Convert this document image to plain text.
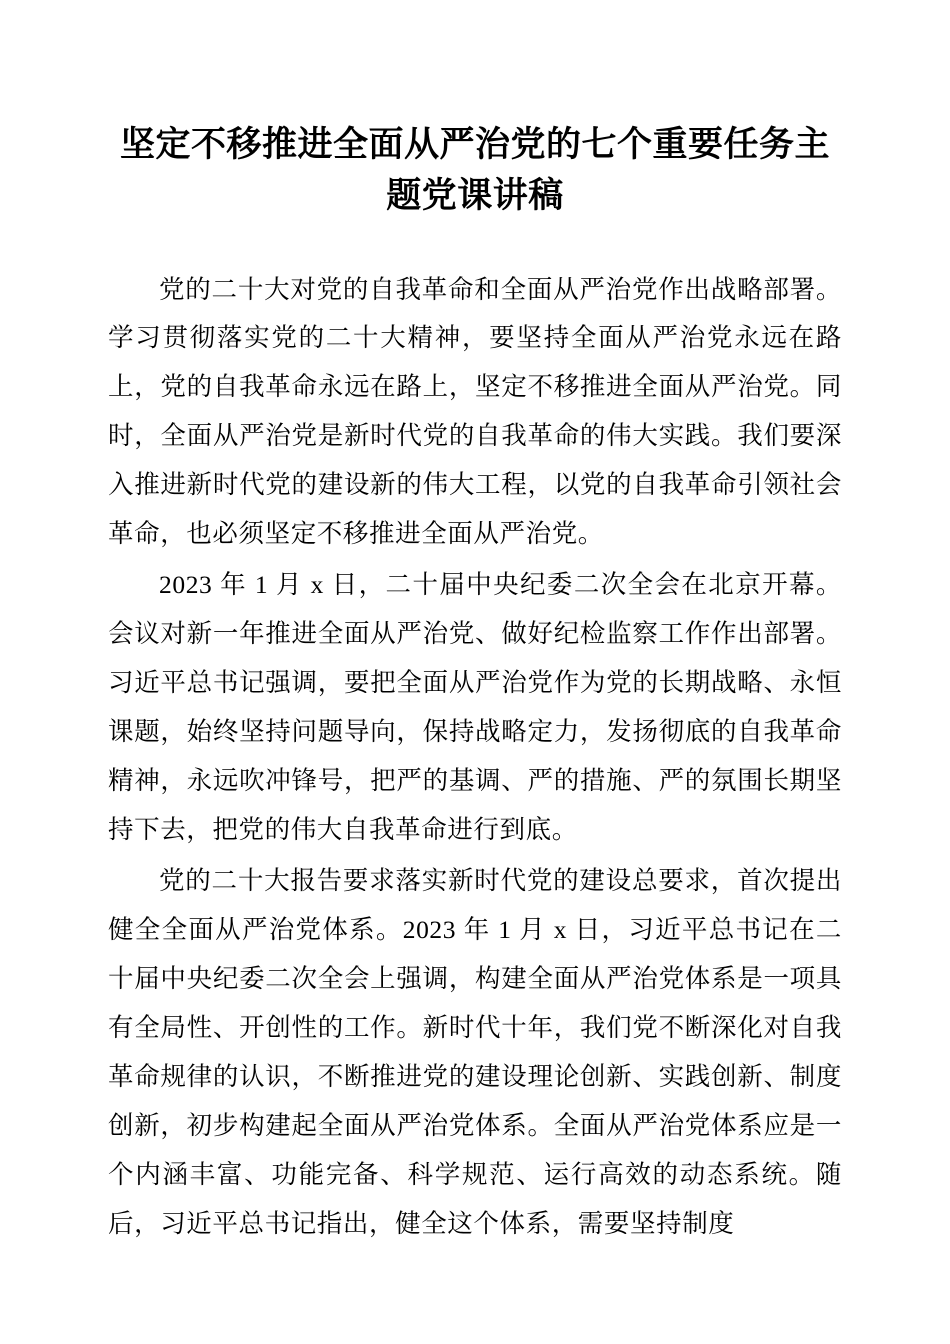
坚定不移推进全面从严治党的七个重要任务主题党课讲稿

党的二十大对党的自我革命和全面从严治党作出战略部署。学习贯彻落实党的二十大精神，要坚持全面从严治党永远在路上，党的自我革命永远在路上，坚定不移推进全面从严治党。同时，全面从严治党是新时代党的自我革命的伟大实践。我们要深入推进新时代党的建设新的伟大工程，以党的自我革命引领社会革命，也必须坚定不移推进全面从严治党。

2023 年 1 月 x 日，二十届中央纪委二次全会在北京开幕。会议对新一年推进全面从严治党、做好纪检监察工作作出部署。习近平总书记强调，要把全面从严治党作为党的长期战略、永恒课题，始终坚持问题导向，保持战略定力，发扬彻底的自我革命精神，永远吹冲锋号，把严的基调、严的措施、严的氛围长期坚持下去，把党的伟大自我革命进行到底。

党的二十大报告要求落实新时代党的建设总要求，首次提出健全全面从严治党体系。2023 年 1 月 x 日，习近平总书记在二十届中央纪委二次全会上强调，构建全面从严治党体系是一项具有全局性、开创性的工作。新时代十年，我们党不断深化对自我革命规律的认识，不断推进党的建设理论创新、实践创新、制度创新，初步构建起全面从严治党体系。全面从严治党体系应是一个内涵丰富、功能完备、科学规范、运行高效的动态系统。随后，习近平总书记指出，健全这个体系，需要坚持制度
